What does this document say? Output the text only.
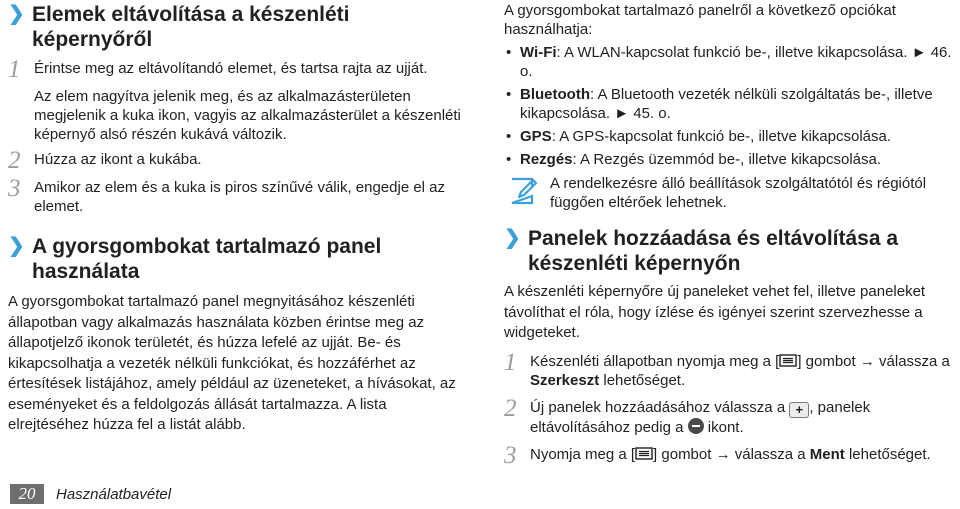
❯ Elemek eltávolítása a készenléti képernyőről
1 Érintse meg az eltávolítandó elemet, és tartsa rajta az ujját.
Az elem nagyítva jelenik meg, és az alkalmazásterületen megjelenik a kuka ikon, vagyis az alkalmazásterület a készenléti képernyő alsó részén kukává változik.
2 Húzza az ikont a kukába.
3 Amikor az elem és a kuka is piros színűvé válik, engedje el az elemet.
❯ A gyorsgombokat tartalmazó panel használata

A gyorsgombokat tartalmazó panel megnyitásához készenléti állapotban vagy alkalmazás használata közben érintse meg az állapotjelző ikonok területét, és húzza lefelé az ujját. Be- és kikapcsolhatja a vezeték nélküli funkciókat, és hozzáférhet az értesítések listájához, amely például az üzeneteket, a hívásokat, az eseményeket és a feldolgozás állását tartalmazza. A lista elrejtéséhez húzza fel a listát alább.

A gyorsgombokat tartalmazó panelről a következő opciókat használhatja:

• Wi-Fi: A WLAN-kapcsolat funkció be-, illetve kikapcsolása. ► 46. o.
• Bluetooth: A Bluetooth vezeték nélküli szolgáltatás be-, illetve kikapcsolása. ► 45. o.
• GPS: A GPS-kapcsolat funkció be-, illetve kikapcsolása.
• Rezgés: A Rezgés üzemmód be-, illetve kikapcsolása.
A rendelkezésre álló beállítások szolgáltatótól és régiótól függően eltérőek lehetnek.
❯ Panelek hozzáadása és eltávolítása a készenléti képernyőn

A készenléti képernyőre új paneleket vehet fel, illetve paneleket távolíthat el róla, hogy ízlése és igényei szerint szervezhesse a widgeteket.

1 Készenléti állapotban nyomja meg a [ ] gombot → válassza a Szerkeszt lehetőséget.
2 Új panelek hozzáadásához válassza a + , panelek eltávolításához pedig a  ikont.
3 Nyomja meg a [ ] gombot → válassza a Ment lehetőséget.
20	Használatbavétel
